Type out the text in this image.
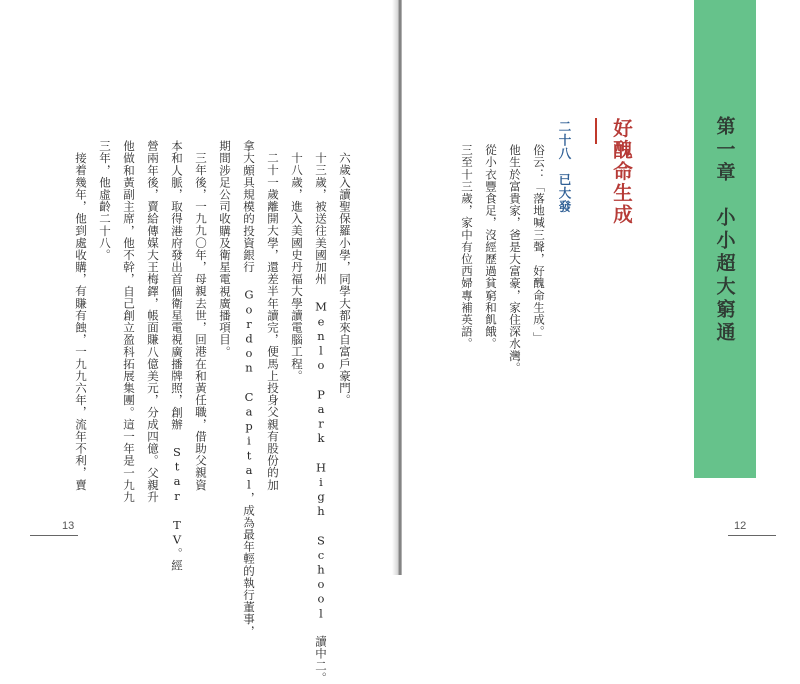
六歲入讀聖保羅小學，同學大都來自富戶豪門。
十三歲，被送往美國加州 Menlo Park High School 讀中二。
十八歲，進入美國史丹福大學讀電腦工程。
二十一歲離開大學，還差半年讀完，便馬上投身父親有股份的加
拿大頗具規模的投資銀行 Gordon Capital，成為最年輕的執行董事，
期間涉足公司收購及衛星電視廣播項目。
三年後，一九九〇年，母親去世，回港在和黃任職，借助父親資
本和人脈，取得港府發出首個衛星電視廣播牌照，創辦 Star TV。經
營兩年後，賣給傳媒大王梅鐸，帳面賺八億美元，分成四億。父親升
他做和黃副主席，他不幹，自己創立盈科拓展集團。這一年是一九九
三年，他虛齡二十八。
接着幾年，他到處收購，有賺有蝕，一九九六年，流年不利，賣
13
第一章
小小超大窮通
好醜命生成
二十八
已大發
俗云：「落地喊三聲，好醜命生成。」
他生於富貴家，爸是大富豪，家住深水灣。
從小衣豐食足，沒經歷過貧窮和飢餓。
三至十三歲，家中有位西婦專補英語。
12
